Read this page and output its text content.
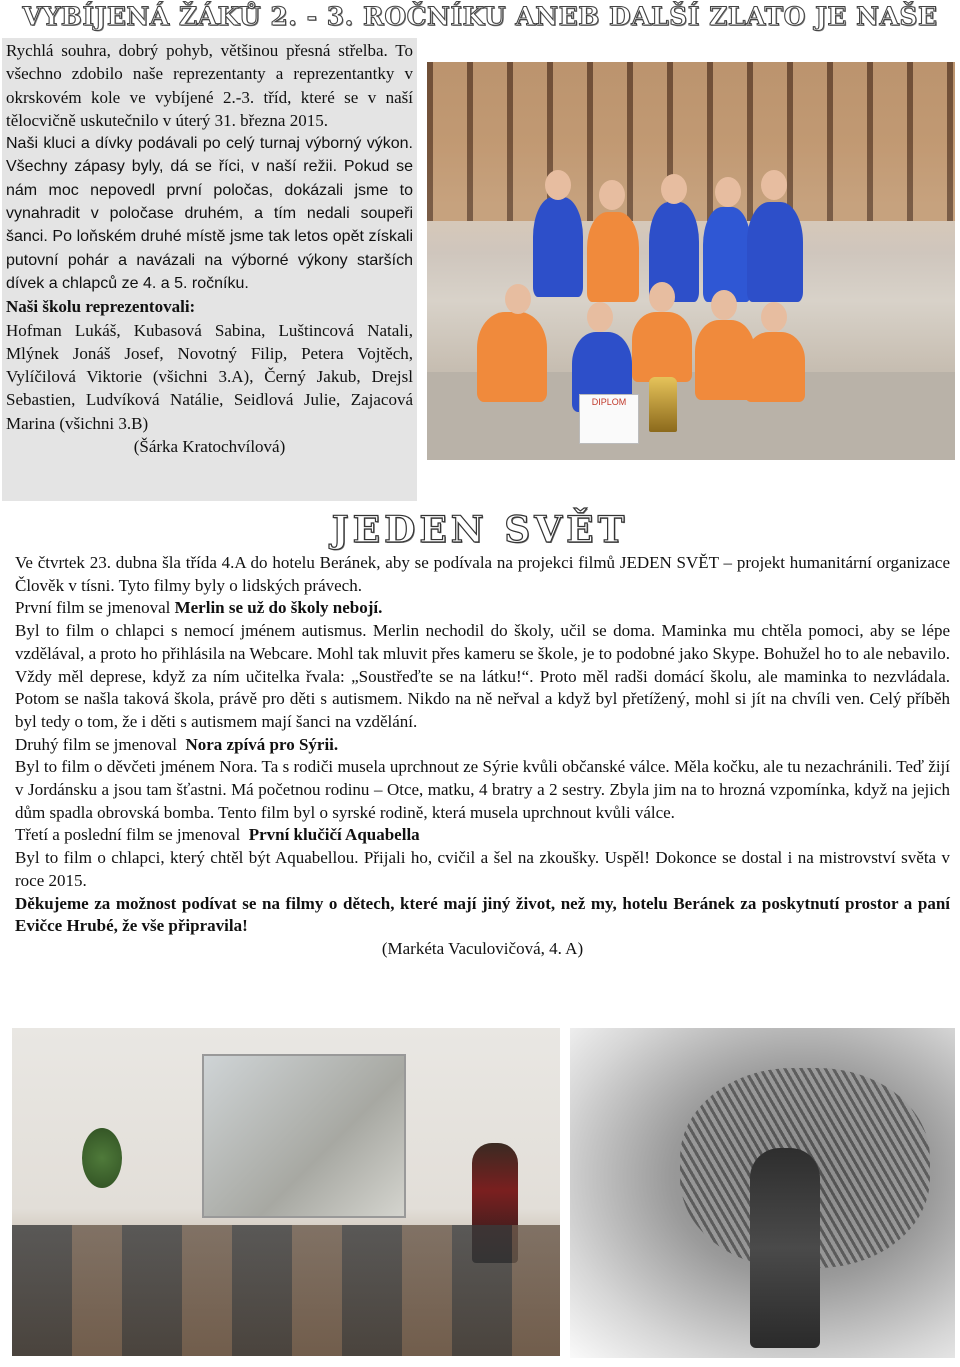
VYBÍJENÁ ŽÁKŮ 2. - 3. ROČNÍKU ANEB DALŠÍ ZLATO JE NAŠE
Rychlá souhra, dobrý pohyb, většinou přesná střelba. To všechno zdobilo naše reprezentanty a reprezentantky v okrskovém kole ve vybíjené 2.-3. tříd, které se v naší tělocvičně uskutečnilo v úterý 31. března 2015.
Naši kluci a dívky podávali po celý turnaj výborný výkon. Všechny zápasy byly, dá se říci, v naší režii. Pokud se nám moc nepovedl první poločas, dokázali jsme to vynahradit v poločase druhém, a tím nedali soupeři šanci. Po loňském druhé místě jsme tak letos opět získali putovní pohár a navázali na výborné výkony starších dívek a chlapců ze 4. a 5. ročníku.
Naši školu reprezentovali:
Hofman Lukáš, Kubasová Sabina, Luštincová Natali, Mlýnek Jonáš Josef, Novotný Filip, Petera Vojtěch, Vylíčilová Viktorie (všichni 3.A), Černý Jakub, Drejsl Sebastien, Ludvíková Natálie, Seidlová Julie, Zajacová Marina (všichni 3.B)
(Šárka Kratochvílová)
DIPLOM
JEDEN SVĚT

Ve čtvrtek 23. dubna šla třída 4.A do hotelu Beránek, aby se podívala na projekci filmů JEDEN SVĚT – projekt humanitární organizace Člověk v tísni. Tyto filmy byly o lidských právech.

První film se jmenoval Merlin se už do školy nebojí.

Byl to film o chlapci s nemocí jménem autismus. Merlin nechodil do školy, učil se doma. Maminka mu chtěla pomoci, aby se lépe vzdělával, a proto ho přihlásila na Webcare. Mohl tak mluvit přes kameru se škole, je to podobné jako Skype. Bohužel ho to ale nebavilo. Vždy měl deprese, když za ním učitelka řvala: „Soustřeďte se na látku!“. Proto měl radši domácí školu, ale maminka to nezvládala. Potom se našla taková škola, právě pro děti s autismem. Nikdo na ně neřval a když byl přetížený, mohl si jít na chvíli ven. Celý příběh byl tedy o tom, že i děti s autismem mají šanci na vzdělání.

Druhý film se jmenoval  Nora zpívá pro Sýrii.

Byl to film o děvčeti jménem Nora. Ta s rodiči musela uprchnout ze Sýrie kvůli občanské válce. Měla kočku, ale tu nezachránili. Teď žijí v Jordánsku a jsou tam šťastni. Má početnou rodinu – Otce, matku, 4 bratry a 2 sestry. Zbyla jim na to hrozná vzpomínka, když na jejich dům spadla obrovská bomba. Tento film byl o syrské rodině, která musela uprchnout kvůli válce.

Třetí a poslední film se jmenoval  První klučičí Aquabella

Byl to film o chlapci, který chtěl být Aquabellou. Přijali ho, cvičil a šel na zkoušky. Uspěl! Dokonce se dostal i na mistrovství světa v roce 2015.

Děkujeme za možnost podívat se na filmy o dětech, které mají jiný život, než my, hotelu Beránek za poskytnutí prostor a paní Evičce Hrubé, že vše připravila!

(Markéta Vaculovičová, 4. A)
